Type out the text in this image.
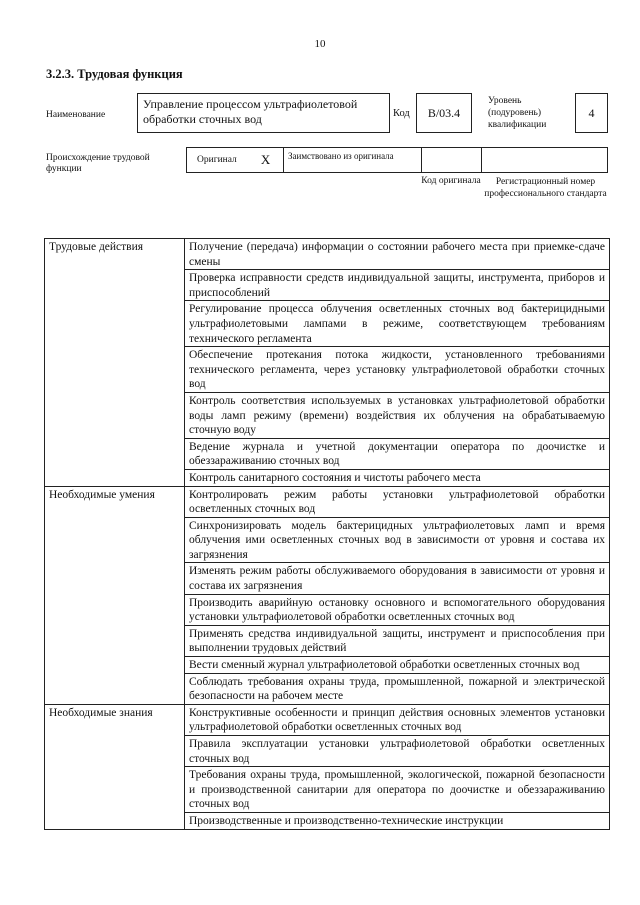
10
3.2.3. Трудовая функция
Наименование
Управление процессом ультрафиолетовой обработки сточных вод	Код В/03.4
Уровень (подуровень) квалификации
4
Происхождение трудовой функции
Оригинал X	Заимствовано из оригинала
Код оригинала	Регистрационный номер профессионального стандарта
Трудовые действия	Получение (передача) информации о состоянии рабочего места при приемке-сдаче смены
	Проверка исправности средств индивидуальной защиты, инструмента, приборов и приспособлений
	Регулирование процесса облучения осветленных сточных вод бактерицидными ультрафиолетовыми лампами в режиме, соответствующем требованиям технического регламента
	Обеспечение протекания потока жидкости, установленного требованиями технического регламента, через установку ультрафиолетовой обработки сточных вод
	Контроль соответствия используемых в установках ультрафиолетовой обработки воды ламп режиму (времени) воздействия их облучения на обрабатываемую сточную воду
	Ведение журнала и учетной документации оператора по доочистке и обеззараживанию сточных вод
	Контроль санитарного состояния и чистоты рабочего места
Необходимые умения	Контролировать режим работы установки ультрафиолетовой обработки осветленных сточных вод
	Синхронизировать модель бактерицидных ультрафиолетовых ламп и время облучения ими осветленных сточных вод в зависимости от уровня и состава их загрязнения
	Изменять режим работы обслуживаемого оборудования в зависимости от уровня и состава их загрязнения
	Производить аварийную остановку основного и вспомогательного оборудования установки ультрафиолетовой обработки осветленных сточных вод
	Применять средства индивидуальной защиты, инструмент и приспособления при выполнении трудовых действий
	Вести сменный журнал ультрафиолетовой обработки осветленных сточных вод
	Соблюдать требования охраны труда, промышленной, пожарной и электрической безопасности на рабочем месте
Необходимые знания	Конструктивные особенности и принцип действия основных элементов установки ультрафиолетовой обработки осветленных сточных вод
	Правила эксплуатации установки ультрафиолетовой обработки осветленных сточных вод
	Требования охраны труда, промышленной, экологической, пожарной безопасности и производственной санитарии для оператора по доочистке и обеззараживанию сточных вод
	Производственные и производственно-технические инструкции
